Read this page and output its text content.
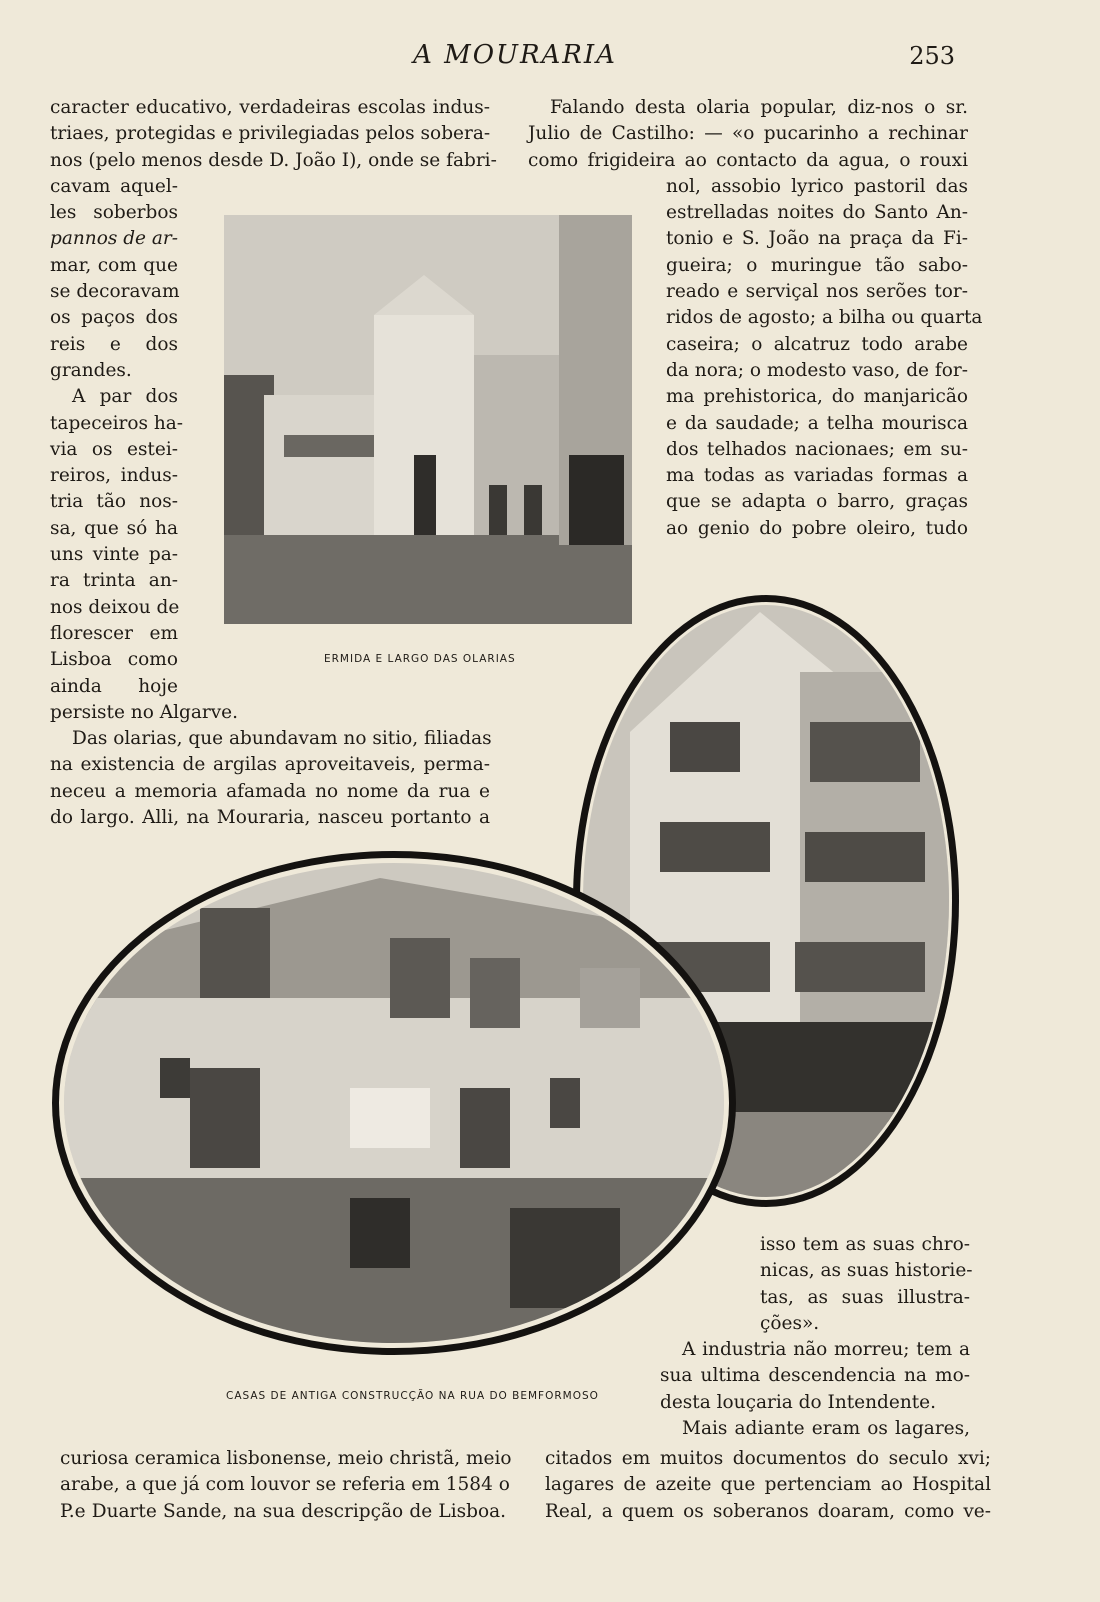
A MOURARIA	253
caracter educativo, verdadeiras escolas indus-
triaes, protegidas e privilegiadas pelos sobera-
nos (pelo menos desde D. João I), onde se fabri-
cavam aquel-
les soberbos
pannos de ar-
mar, com que
se decoravam
os paços dos
reis e dos
grandes.
A par dos
tapeceiros ha-
via os estei-
reiros, indus-
tria tão nos-
sa, que só ha
uns vinte pa-
ra trinta an-
nos deixou de
florescer em
Lisboa como
ainda hoje
persiste no Algarve.
Das olarias, que abundavam no sitio, filiadas
na existencia de argilas aproveitaveis, perma-
neceu a memoria afamada no nome da rua e
do largo. Alli, na Mouraria, nasceu portanto a
Falando desta olaria popular, diz-nos o sr.
Julio de Castilho: — «o pucarinho a rechinar
como frigideira ao contacto da agua, o rouxi
nol, assobio lyrico pastoril das
estrelladas noites do Santo An-
tonio e S. João na praça da Fi-
gueira; o muringue tão sabo-
reado e serviçal nos serões tor-
ridos de agosto; a bilha ou quarta
caseira; o alcatruz todo arabe
da nora; o modesto vaso, de for-
ma prehistorica, do manjaricão
e da saudade; a telha mourisca
dos telhados nacionaes; em su-
ma todas as variadas formas a
que se adapta o barro, graças
ao genio do pobre oleiro, tudo
ERMIDA E LARGO DAS OLARIAS
CASAS DE ANTIGA CONSTRUCÇÃO NA RUA DO BEMFORMOSO
isso tem as suas chro-
nicas, as suas historie-
tas, as suas illustra-
ções».
A industria não morreu; tem a
sua ultima descendencia na mo-
desta louçaria do Intendente.
Mais adiante eram os lagares,
curiosa ceramica lisbonense, meio christã, meio
arabe, a que já com louvor se referia em 1584 o
P.e Duarte Sande, na sua descripção de Lisboa.
citados em muitos documentos do seculo xvi;
lagares de azeite que pertenciam ao Hospital
Real, a quem os soberanos doaram, como ve-
